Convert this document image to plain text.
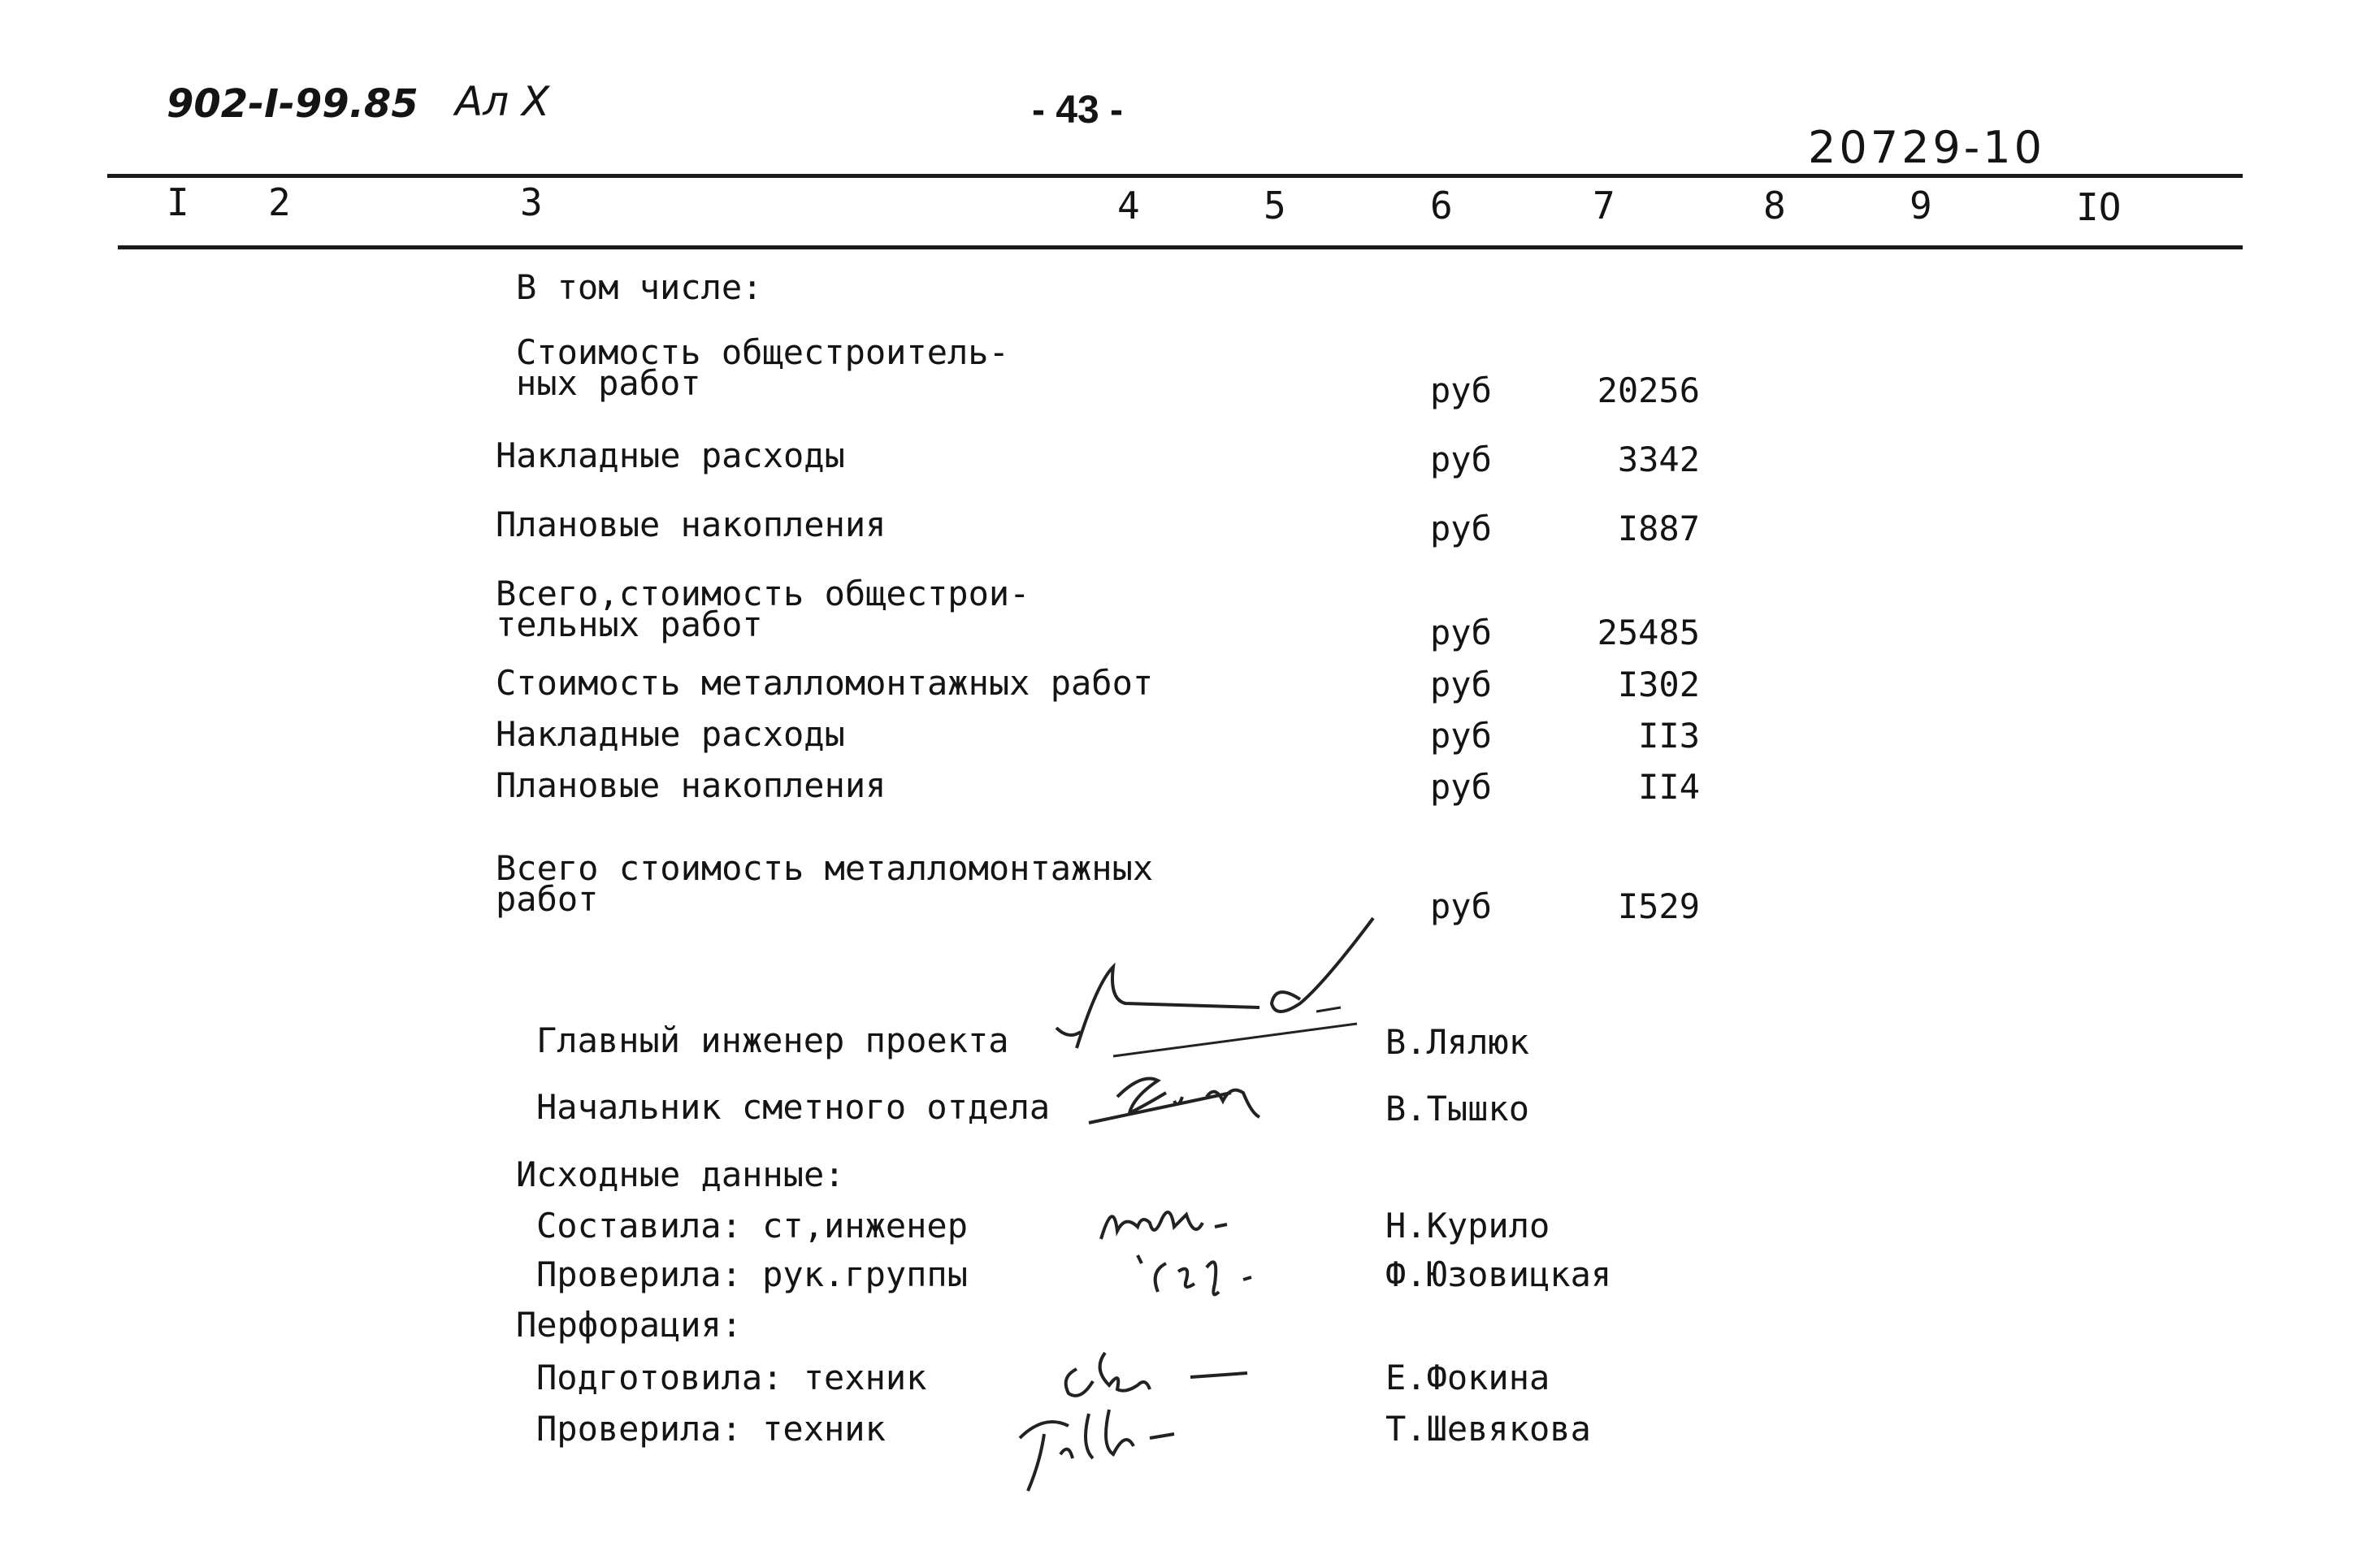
902-I-99.85 Ал X	- 43 -
20729-10
I 2	3	4	5	6	7	8	9	IO
В том числе:
Стоимость общестроитель-
ных работ	руб	20256
Накладные расходы	руб	3342
Плановые накопления	руб	I887
Всего,стоимость общестрои-
тельных работ	руб	25485
Стоимость металломонтажных работ	руб	I302
Накладные расходы	руб	II3
Плановые накопления	руб	II4
Всего стоимость металломонтажных
работ	руб	I529
Главный инженер проекта	В.Лялюк
Начальник сметного отдела	В.Тышко
Исходные данные:
Составила: ст,инженер	Н.Курило
Проверила: рук.группы	Ф.Юзовицкая
Перфорация:
Подготовила: техник	Е.Фокина
Проверила: техник	Т.Шевякова
